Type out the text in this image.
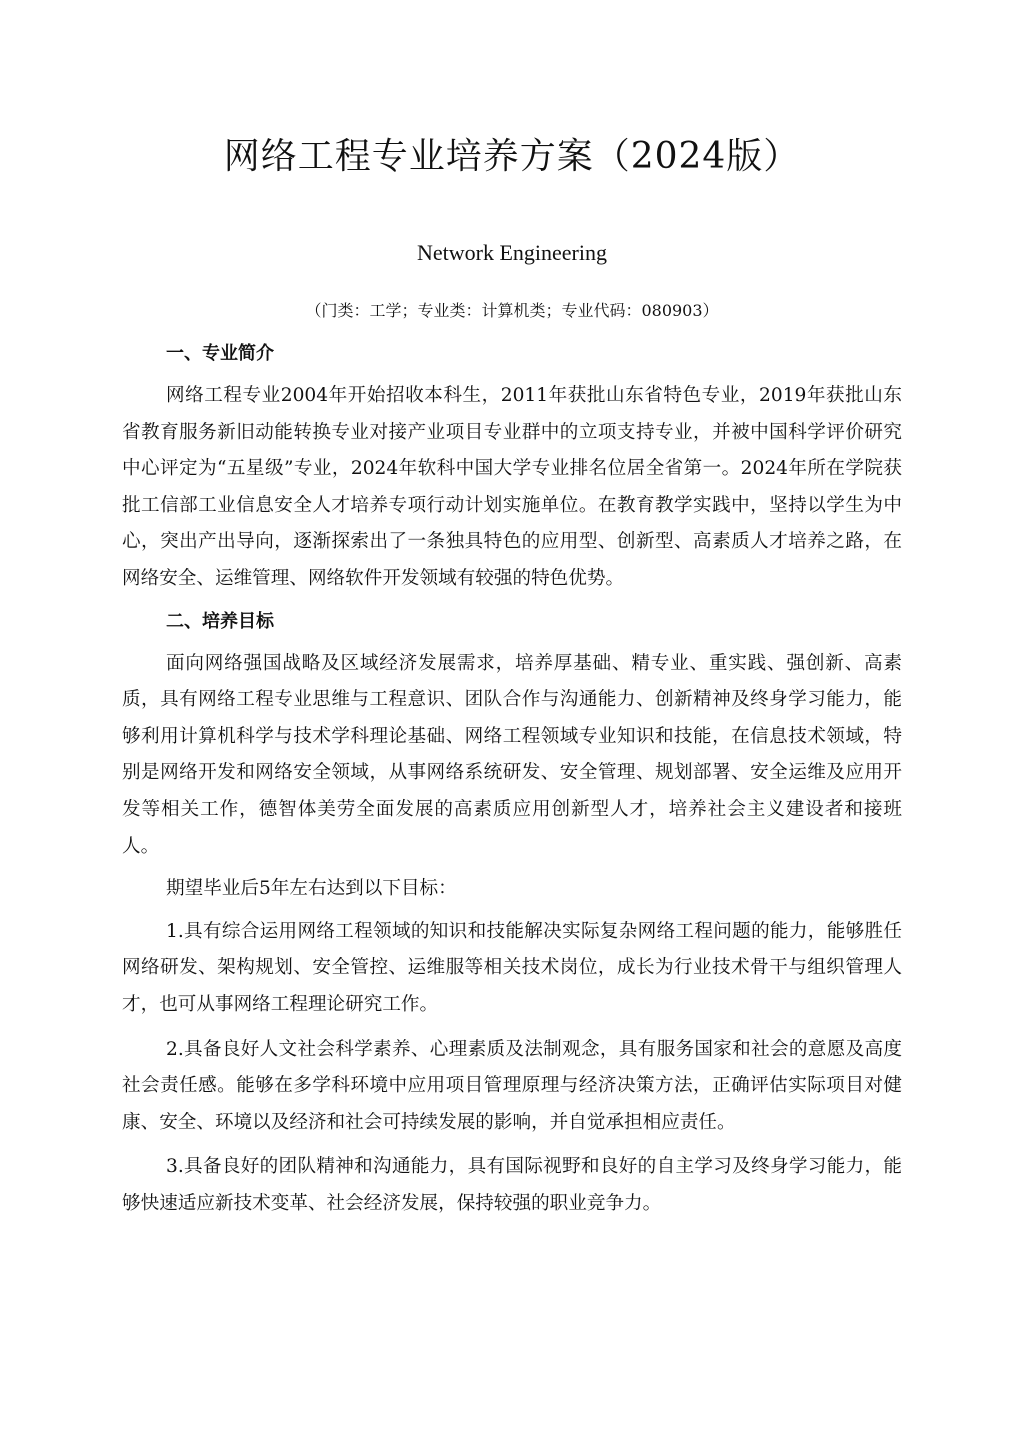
网络工程专业培养方案（2024版）

Network Engineering

（门类：工学；专业类：计算机类；专业代码：080903）

一、专业简介

网络工程专业2004年开始招收本科生，2011年获批山东省特色专业，2019年获批山东省教育服务新旧动能转换专业对接产业项目专业群中的立项支持专业，并被中国科学评价研究中心评定为“五星级”专业，2024年软科中国大学专业排名位居全省第一。2024年所在学院获批工信部工业信息安全人才培养专项行动计划实施单位。在教育教学实践中，坚持以学生为中心，突出产出导向，逐渐探索出了一条独具特色的应用型、创新型、高素质人才培养之路，在网络安全、运维管理、网络软件开发领域有较强的特色优势。

二、培养目标

面向网络强国战略及区域经济发展需求，培养厚基础、精专业、重实践、强创新、高素质，具有网络工程专业思维与工程意识、团队合作与沟通能力、创新精神及终身学习能力，能够利用计算机科学与技术学科理论基础、网络工程领域专业知识和技能，在信息技术领域，特别是网络开发和网络安全领域，从事网络系统研发、安全管理、规划部署、安全运维及应用开发等相关工作，德智体美劳全面发展的高素质应用创新型人才，培养社会主义建设者和接班人。

期望毕业后5年左右达到以下目标：

1.具有综合运用网络工程领域的知识和技能解决实际复杂网络工程问题的能力，能够胜任网络研发、架构规划、安全管控、运维服等相关技术岗位，成长为行业技术骨干与组织管理人才，也可从事网络工程理论研究工作。

2.具备良好人文社会科学素养、心理素质及法制观念，具有服务国家和社会的意愿及高度社会责任感。能够在多学科环境中应用项目管理原理与经济决策方法，正确评估实际项目对健康、安全、环境以及经济和社会可持续发展的影响，并自觉承担相应责任。

3.具备良好的团队精神和沟通能力，具有国际视野和良好的自主学习及终身学习能力，能够快速适应新技术变革、社会经济发展，保持较强的职业竞争力。
